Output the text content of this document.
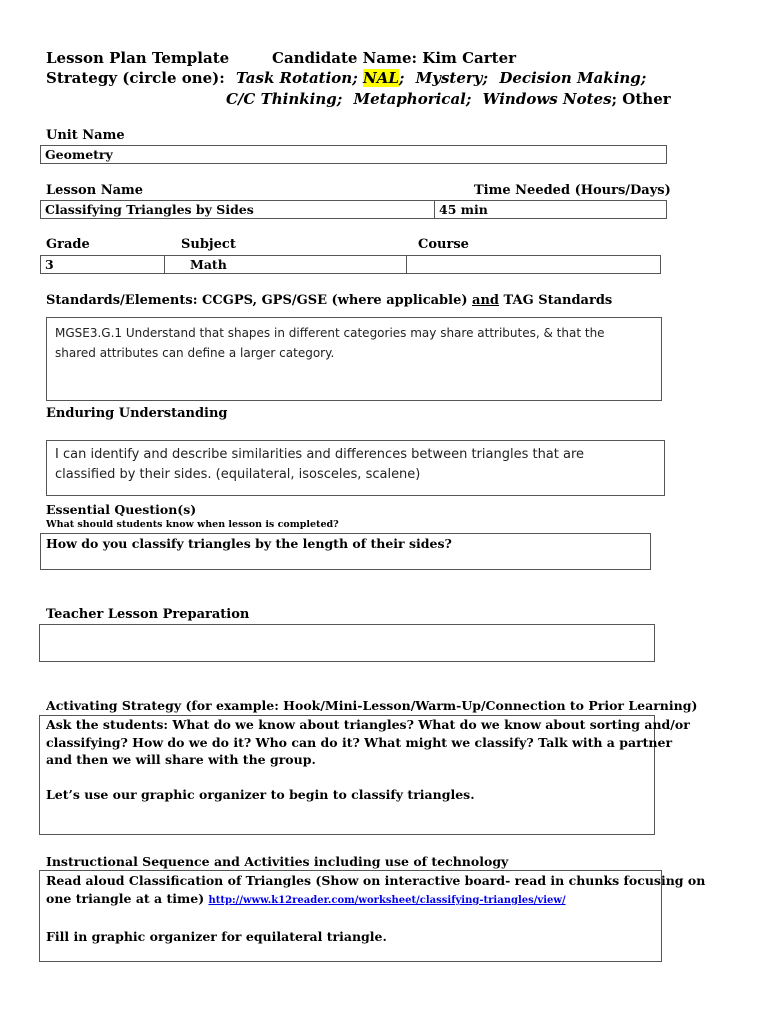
Lesson Plan Template	Candidate Name: Kim Carter
Strategy (circle one): Task Rotation; NAL; Mystery; Decision Making;
C/C Thinking; Metaphorical; Windows Notes; Other
Unit Name
Geometry
Lesson Name	Time Needed (Hours/Days)
Classifying Triangles by Sides	45 min
Grade	Subject	Course
3	Math
Standards/Elements: CCGPS, GPS/GSE (where applicable) and TAG Standards
MGSE3.G.1 Understand that shapes in different categories may share attributes, & that the
shared attributes can define a larger category.
Enduring Understanding
I can identify and describe similarities and differences between triangles that are
classified by their sides. (equilateral, isosceles, scalene)
Essential Question(s)
What should students know when lesson is completed?
How do you classify triangles by the length of their sides?
Teacher Lesson Preparation
Activating Strategy (for example: Hook/Mini-Lesson/Warm-Up/Connection to Prior Learning)
Ask the students: What do we know about triangles? What do we know about sorting and/or
classifying? How do we do it? Who can do it? What might we classify? Talk with a partner
and then we will share with the group.
Let’s use our graphic organizer to begin to classify triangles.
Instructional Sequence and Activities including use of technology
Read aloud Classification of Triangles (Show on interactive board- read in chunks focusing on
one triangle at a time) http://www.k12reader.com/worksheet/classifying-triangles/view/
Fill in graphic organizer for equilateral triangle.
